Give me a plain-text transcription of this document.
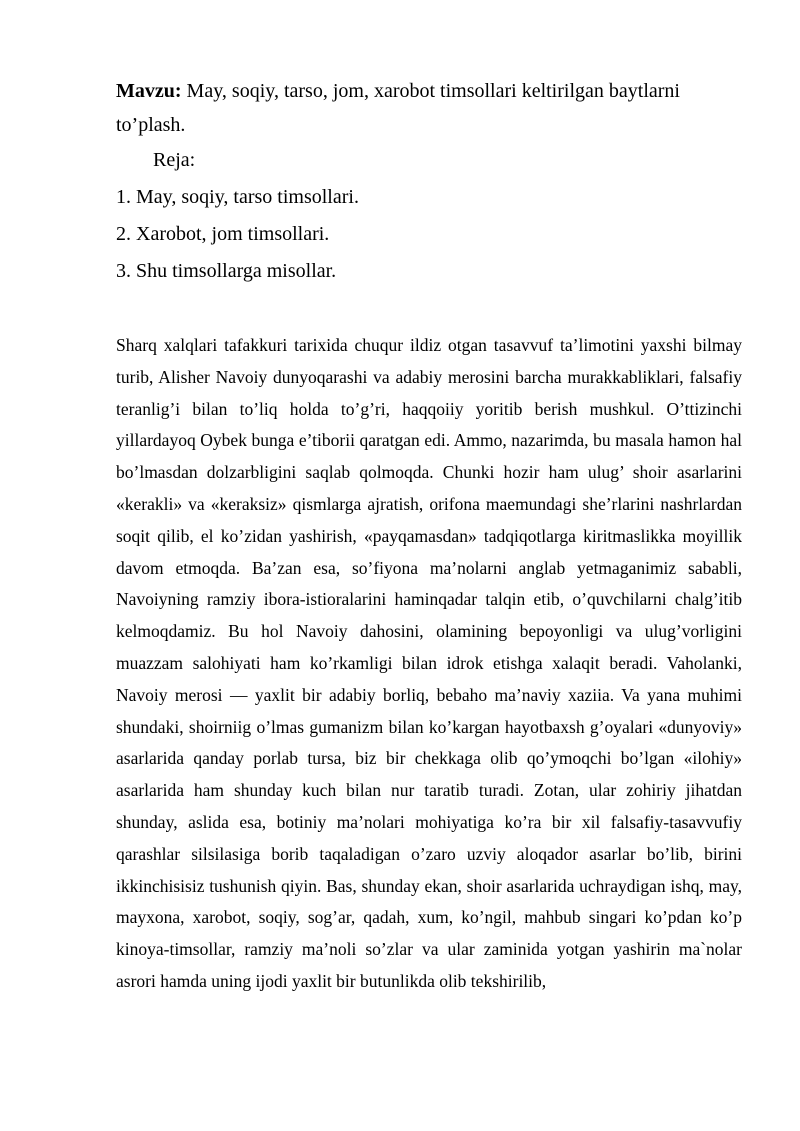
Mavzu: May, soqiy, tarso, jom, xarobot timsollari keltirilgan baytlarni to’plash.

Reja:

1. May, soqiy, tarso timsollari.
2. Xarobot, jom timsollari.
3. Shu timsollarga misollar.

Sharq xalqlari tafakkuri tarixida chuqur ildiz otgan tasavvuf ta’limotini yaxshi bilmay turib, Alisher Navoiy dunyoqarashi va adabiy merosini barcha murakkabliklari, falsafiy teranlig’i bilan to’liq holda to’g’ri, haqqoiiy yoritib berish mushkul. O’ttizinchi yillardayoq Oybek bunga e’tiborii qaratgan edi. Ammo, nazarimda, bu masala hamon hal bo’lmasdan dolzarbligini saqlab qolmoqda. Chunki hozir ham ulug’ shoir asarlarini «kerakli» va «keraksiz» qismlarga ajratish, orifona maemundagi she’rlarini nashrlardan soqit qilib, el ko’zidan yashirish, «payqamasdan» tadqiqotlarga kiritmaslikka moyillik davom etmoqda. Ba’zan esa, so’fiyona ma’nolarni anglab yetmaganimiz sababli, Navoiyning ramziy ibora-istioralarini haminqadar talqin etib, o’quvchilarni chalg’itib kelmoqdamiz. Bu hol Navoiy dahosini, olamining bepoyonligi va ulug’vorligini muazzam salohiyati ham ko’rkamligi bilan idrok etishga xalaqit beradi. Vaholanki, Navoiy merosi — yaxlit bir adabiy borliq, bebaho ma’naviy xaziia. Va yana muhimi shundaki, shoirniig o’lmas gumanizm bilan ko’kargan hayotbaxsh g’oyalari «dunyoviy» asarlarida qanday porlab tursa, biz bir chekkaga olib qo’ymoqchi bo’lgan «ilohiy» asarlarida ham shunday kuch bilan nur taratib turadi. Zotan, ular zohiriy jihatdan shunday, aslida esa, botiniy ma’nolari mohiyatiga ko’ra bir xil falsafiy-tasavvufiy qarashlar silsilasiga borib taqaladigan o’zaro uzviy aloqador asarlar bo’lib, birini ikkinchisisiz tushunish qiyin. Bas, shunday ekan, shoir asarlarida uchraydigan ishq, may, mayxona, xarobot, soqiy, sog’ar, qadah, xum, ko’ngil, mahbub singari ko’pdan ko’p kinoya-timsollar, ramziy ma’noli so’zlar va ular zaminida yotgan yashirin ma`nolar asrori hamda uning ijodi yaxlit bir butunlikda olib tekshirilib,
